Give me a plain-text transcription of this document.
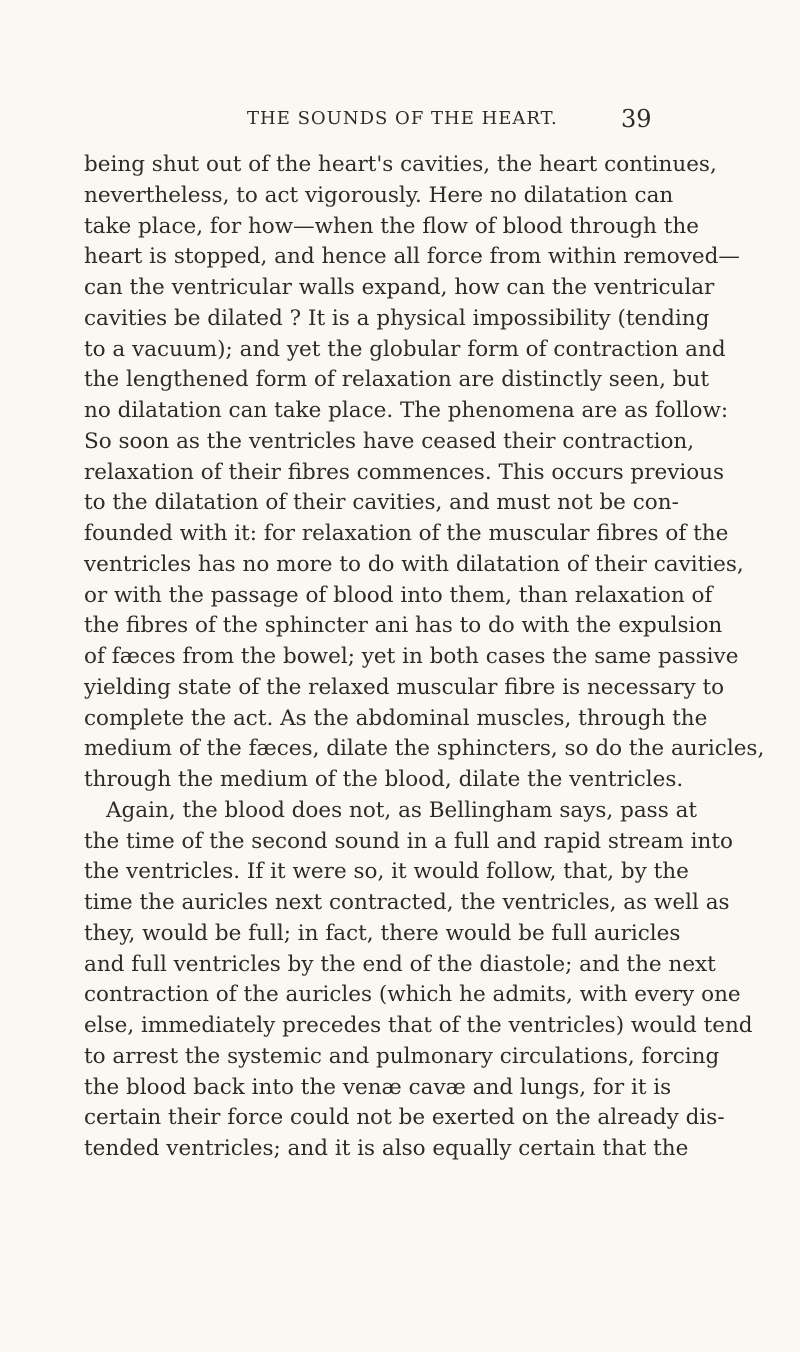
THE SOUNDS OF THE HEART.	39
being shut out of the heart's cavities, the heart continues,
nevertheless, to act vigorously. Here no dilatation can
take place, for how—when the flow of blood through the
heart is stopped, and hence all force from within removed—
can the ventricular walls expand, how can the ventricular
cavities be dilated ? It is a physical impossibility (tending
to a vacuum); and yet the globular form of contraction and
the lengthened form of relaxation are distinctly seen, but
no dilatation can take place. The phenomena are as follow:
So soon as the ventricles have ceased their contraction,
relaxation of their fibres commences. This occurs previous
to the dilatation of their cavities, and must not be con-
founded with it: for relaxation of the muscular fibres of the
ventricles has no more to do with dilatation of their cavities,
or with the passage of blood into them, than relaxation of
the fibres of the sphincter ani has to do with the expulsion
of fæces from the bowel; yet in both cases the same passive
yielding state of the relaxed muscular fibre is necessary to
complete the act. As the abdominal muscles, through the
medium of the fæces, dilate the sphincters, so do the auricles,
through the medium of the blood, dilate the ventricles.
Again, the blood does not, as Bellingham says, pass at
the time of the second sound in a full and rapid stream into
the ventricles. If it were so, it would follow, that, by the
time the auricles next contracted, the ventricles, as well as
they, would be full; in fact, there would be full auricles
and full ventricles by the end of the diastole; and the next
contraction of the auricles (which he admits, with every one
else, immediately precedes that of the ventricles) would tend
to arrest the systemic and pulmonary circulations, forcing
the blood back into the venæ cavæ and lungs, for it is
certain their force could not be exerted on the already dis-
tended ventricles; and it is also equally certain that the
